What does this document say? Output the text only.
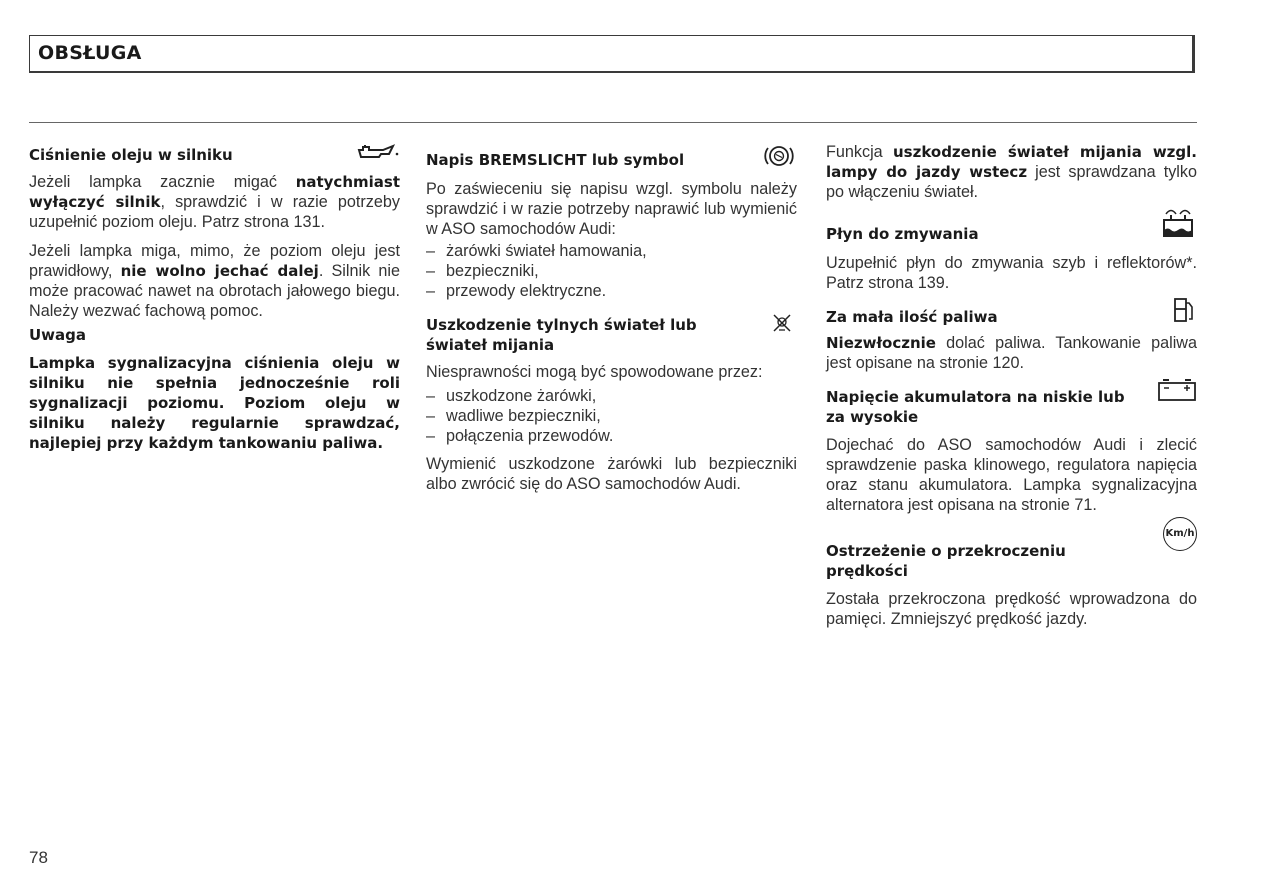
OBSŁUGA
Ciśnienie oleju w silniku

Jeżeli lampka zacznie migać natychmiast wyłączyć silnik, sprawdzić i w razie potrzeby uzupełnić poziom oleju. Patrz strona 131.

Jeżeli lampka miga, mimo, że poziom oleju jest prawidłowy, nie wolno jechać dalej. Silnik nie może pracować nawet na obrotach jałowego biegu. Należy wezwać fachową pomoc.

Uwaga

Lampka sygnalizacyjna ciśnienia oleju w silniku nie spełnia jednocześnie roli sygnalizacji poziomu. Poziom oleju w silniku należy regularnie sprawdzać, najlepiej przy każdym tankowaniu paliwa.

Napis BREMSLICHT lub symbol

Po zaświeceniu się napisu wzgl. symbolu należy sprawdzić i w razie potrzeby naprawić lub wymienić w ASO samochodów Audi:

– żarówki świateł hamowania,
– bezpieczniki,
– przewody elektryczne.
Uszkodzenie tylnych świateł lub świateł mijania

Niesprawności mogą być spowodowane przez:

– uszkodzone żarówki,
– wadliwe bezpieczniki,
– połączenia przewodów.

Wymienić uszkodzone żarówki lub bezpieczniki albo zwrócić się do ASO samochodów Audi.

Funkcja uszkodzenie świateł mijania wzgl. lampy do jazdy wstecz jest sprawdzana tylko po włączeniu świateł.

Płyn do zmywania

Uzupełnić płyn do zmywania szyb i reflektorów*. Patrz strona 139.

Za mała ilość paliwa

Niezwłocznie dolać paliwa. Tankowanie paliwa jest opisane na stronie 120.

Napięcie akumulatora na niskie lub za wysokie

Dojechać do ASO samochodów Audi i zlecić sprawdzenie paska klinowego, regulatora napięcia oraz stanu akumulatora. Lampka sygnalizacyjna alternatora jest opisana na stronie 71.

Ostrzeżenie o przekroczeniu prędkości
Km/h

Została przekroczona prędkość wprowadzona do pamięci. Zmniejszyć prędkość jazdy.

78
